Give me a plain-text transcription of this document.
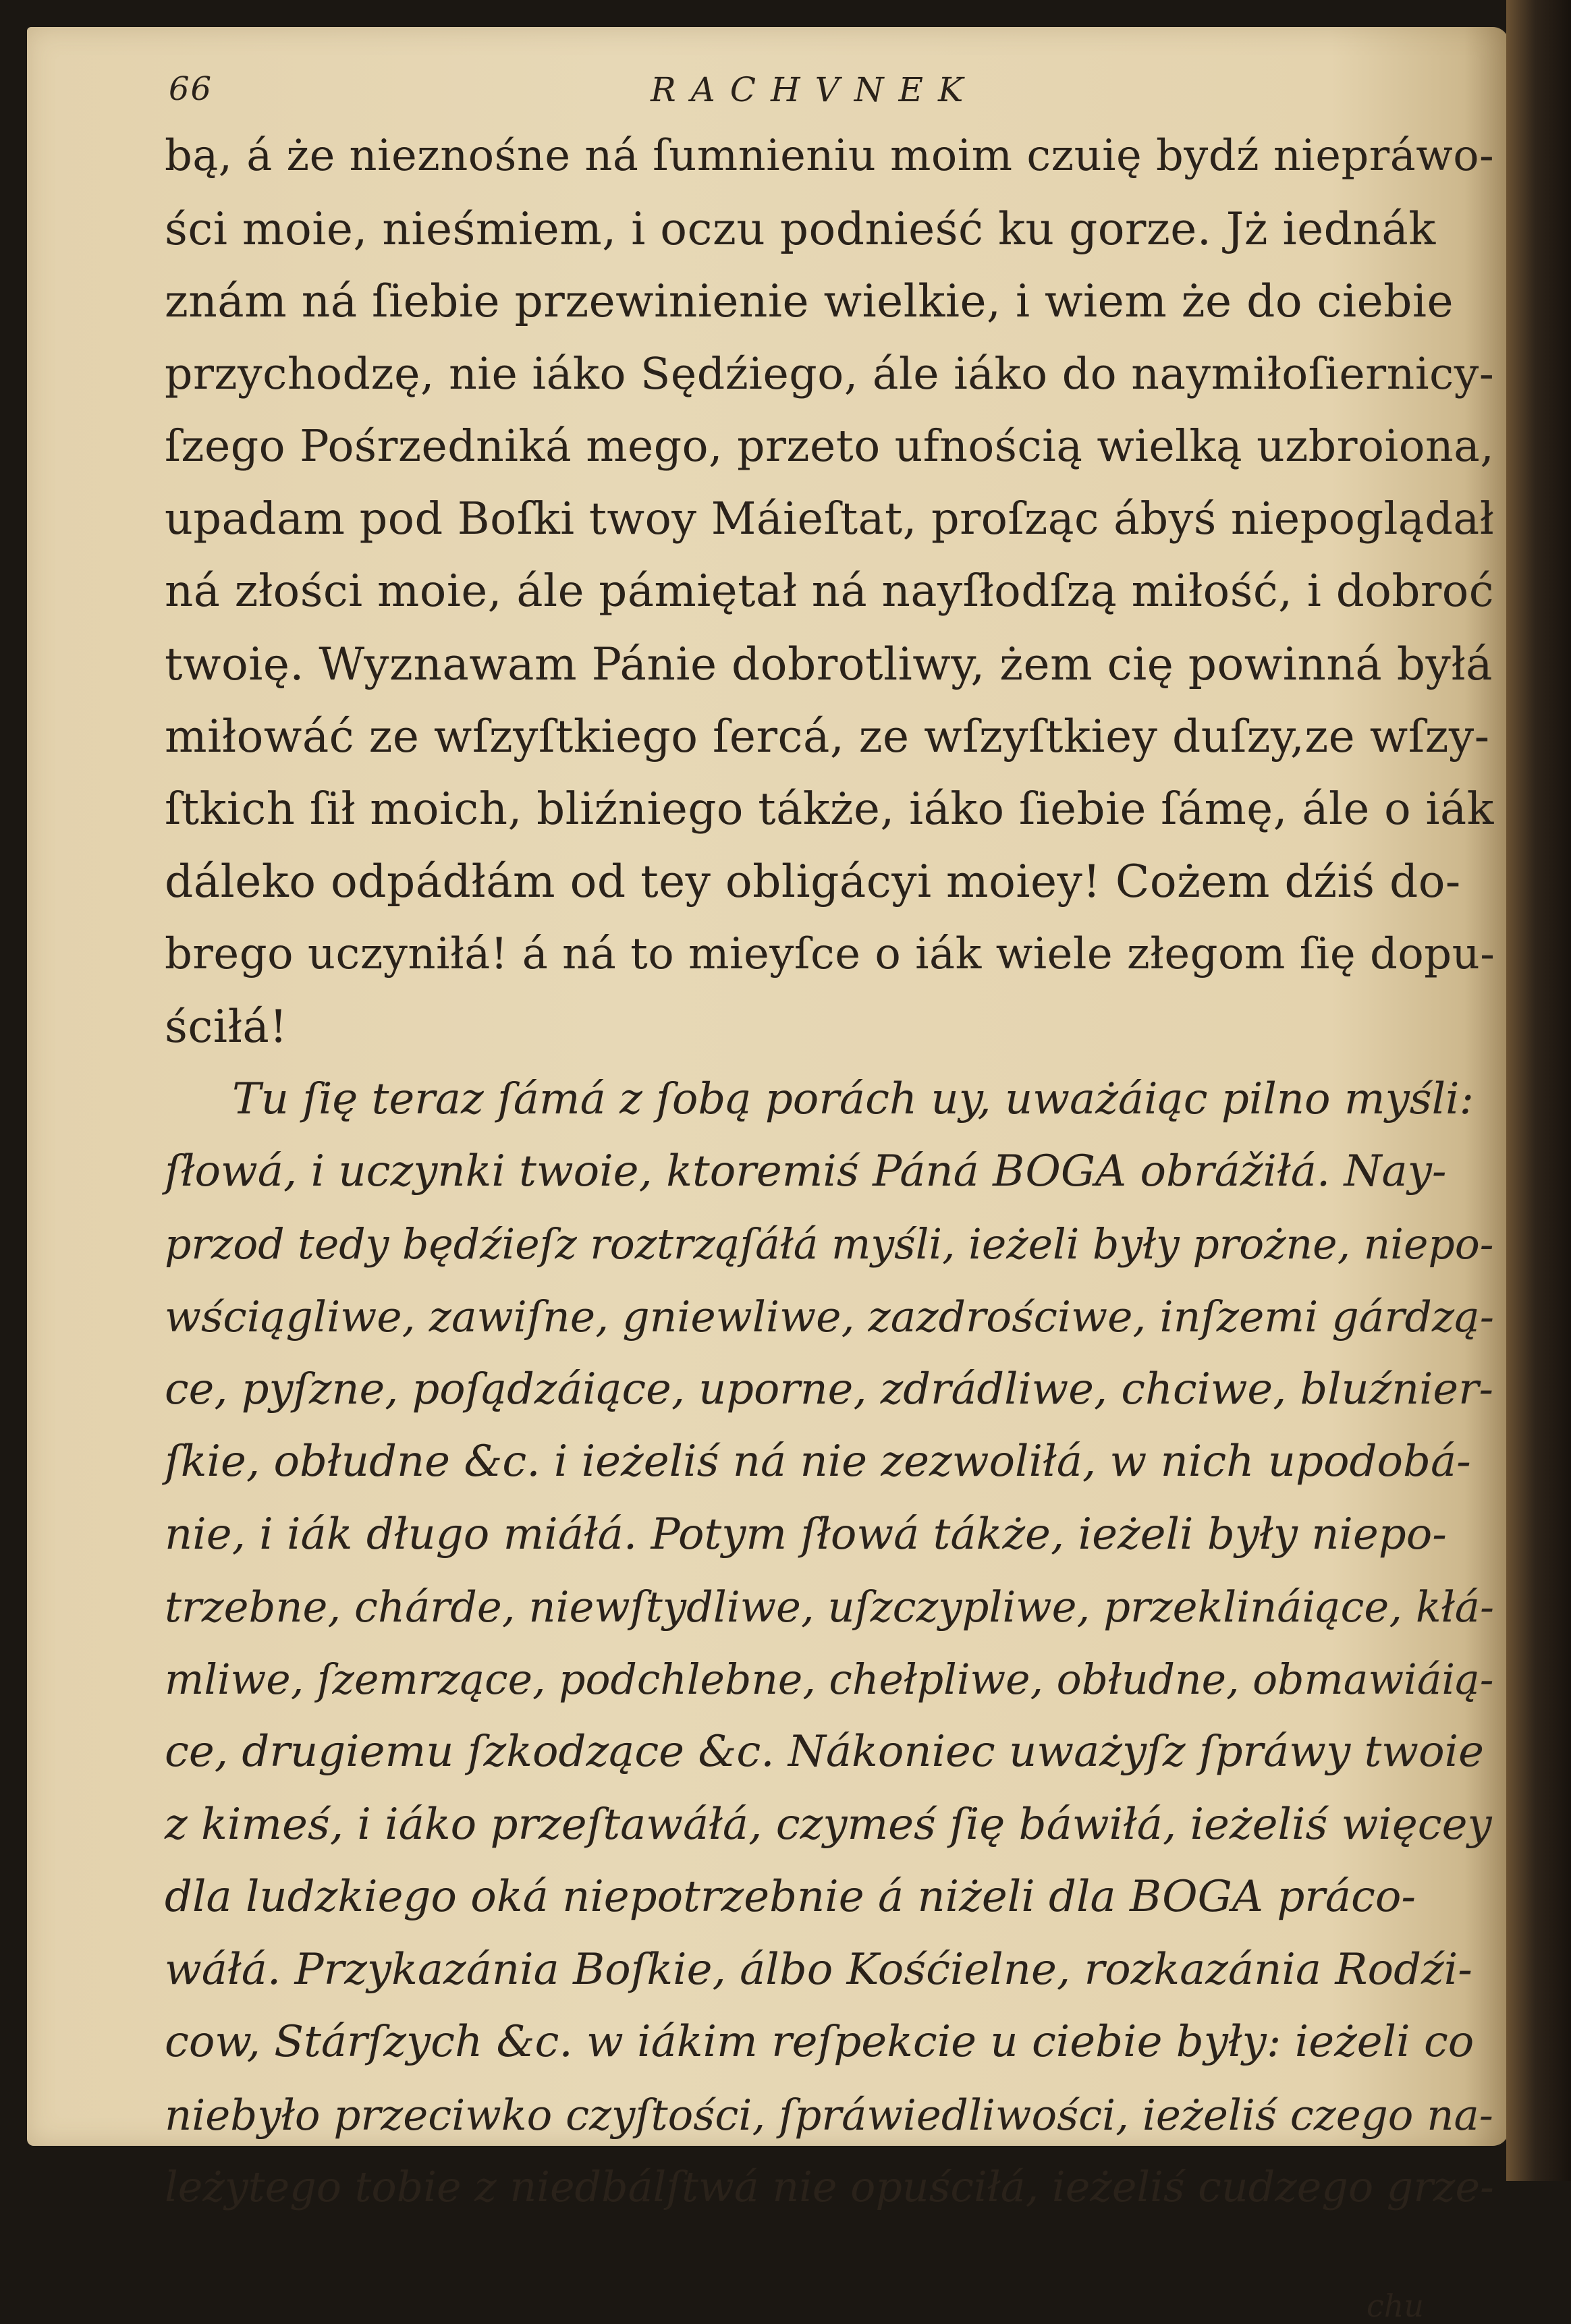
66	RACHVNEK
bą, á że nieznośne ná ſumnieniu moim czuię bydź niepráwo-
ści moie, nieśmiem, i oczu podnieść ku gorze. Jż iednák
znám ná ſiebie przewinienie wielkie, i wiem że do ciebie
przychodzę, nie iáko Sędźiego, ále iáko do naymiłoſiernicy-
ſzego Pośrzedniká mego, przeto ufnością wielką uzbroiona,
upadam pod Boſki twoy Máieſtat, proſząc ábyś niepoglądał
ná złości moie, ále pámiętał ná nayſłodſzą miłość, i dobroć
twoię. Wyznawam Pánie dobrotliwy, żem cię powinná byłá
miłowáć ze wſzyſtkiego ſercá, ze wſzyſtkiey duſzy,ze wſzy-
ſtkich ſił moich, bliźniego tákże, iáko ſiebie ſámę, ále o iák
dáleko odpádłám od tey obligácyi moiey! Cożem dźiś do-
brego uczyniłá! á ná to mieyſce o iák wiele złegom ſię dopu-
ściłá!
Tu ſię teraz ſámá z ſobą porách uy, uważáiąc pilno myśli:
ſłowá, i uczynki twoie, ktoremiś Páná BOGA obrážiłá. Nay-
przod tedy będźieſz roztrząſáłá myśli, ieżeli były prożne, niepo-
wściągliwe, zawiſne, gniewliwe, zazdrościwe, inſzemi gárdzą-
ce, pyſzne, poſądzáiące, uporne, zdrádliwe, chciwe, bluźnier-
ſkie, obłudne &c. i ieżeliś ná nie zezwoliłá, w nich upodobá-
nie, i iák długo miáłá. Potym ſłowá tákże, ieżeli były niepo-
trzebne, chárde, niewſtydliwe, uſzczypliwe, przeklináiące, kłá-
mliwe, ſzemrzące, podchlebne, chełpliwe, obłudne, obmawiáią-
ce, drugiemu ſzkodzące &c. Nákoniec uważyſz ſpráwy twoie
z kimeś, i iáko przeſtawáłá, czymeś ſię báwiłá, ieżeliś więcey
dla ludzkiego oká niepotrzebnie á niżeli dla BOGA práco-
wáłá. Przykazánia Boſkie, álbo Kośćielne, rozkazánia Rodźi-
cow, Stárſzych &c. w iákim reſpekcie u ciebie były: ieżeli co
niebyło przeciwko czyſtości, ſpráwiedliwości, ieżeliś czego na-
leżytego tobie z niedbálſtwá nie opuściłá, ieżeliś cudzego grze-
chu
